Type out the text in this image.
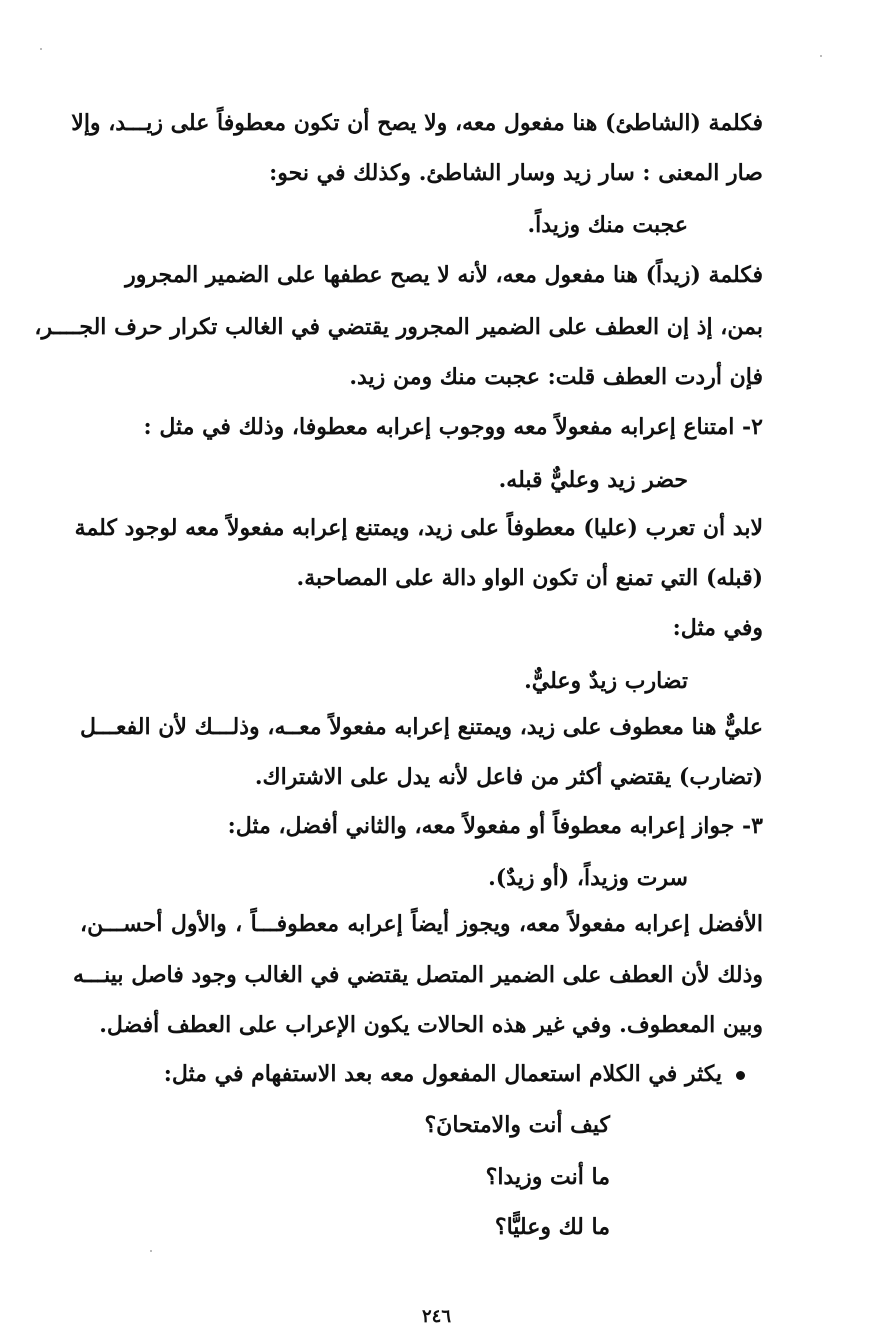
فكلمة (الشاطئ) هنا مفعول معه، ولا يصح أن تكون معطوفاً على زيـــد، وإلا
صار المعنى : سار زيد وسار الشاطئ. وكذلك في نحو:
عجبت منك وزيداً.
فكلمة (زيداً) هنا مفعول معه، لأنه لا يصح عطفها على الضمير المجرور
بمن، إذ إن العطف على الضمير المجرور يقتضي في الغالب تكرار حرف الجــــر،
فإن أردت العطف قلت: عجبت منك ومن زيد.
٢- امتناع إعرابه مفعولاً معه ووجوب إعرابه معطوفا، وذلك في مثل :
حضر زيد وعليٌّ قبله.
لابد أن تعرب (عليا) معطوفاً على زيد، ويمتنع إعرابه مفعولاً معه لوجود كلمة
(قبله) التي تمنع أن تكون الواو دالة على المصاحبة.
وفي مثل:
تضارب زيدٌ وعليٌّ.
عليٌّ هنا معطوف على زيد، ويمتنع إعرابه مفعولاً معــه، وذلـــك لأن الفعـــل
(تضارب) يقتضي أكثر من فاعل لأنه يدل على الاشتراك.
٣- جواز إعرابه معطوفاً أو مفعولاً معه، والثاني أفضل، مثل:
سرت وزيداً، (أو زيدٌ).
الأفضل إعرابه مفعولاً معه، ويجوز أيضاً إعرابه معطوفـــاً ، والأول أحســـن،
وذلك لأن العطف على الضمير المتصل يقتضي في الغالب وجود فاصل بينـــه
وبين المعطوف. وفي غير هذه الحالات يكون الإعراب على العطف أفضل.
يكثر في الكلام استعمال المفعول معه بعد الاستفهام في مثل:
كيف أنت والامتحانَ؟
ما أنت وزيدا؟
ما لك وعليًّا؟
٢٤٦
